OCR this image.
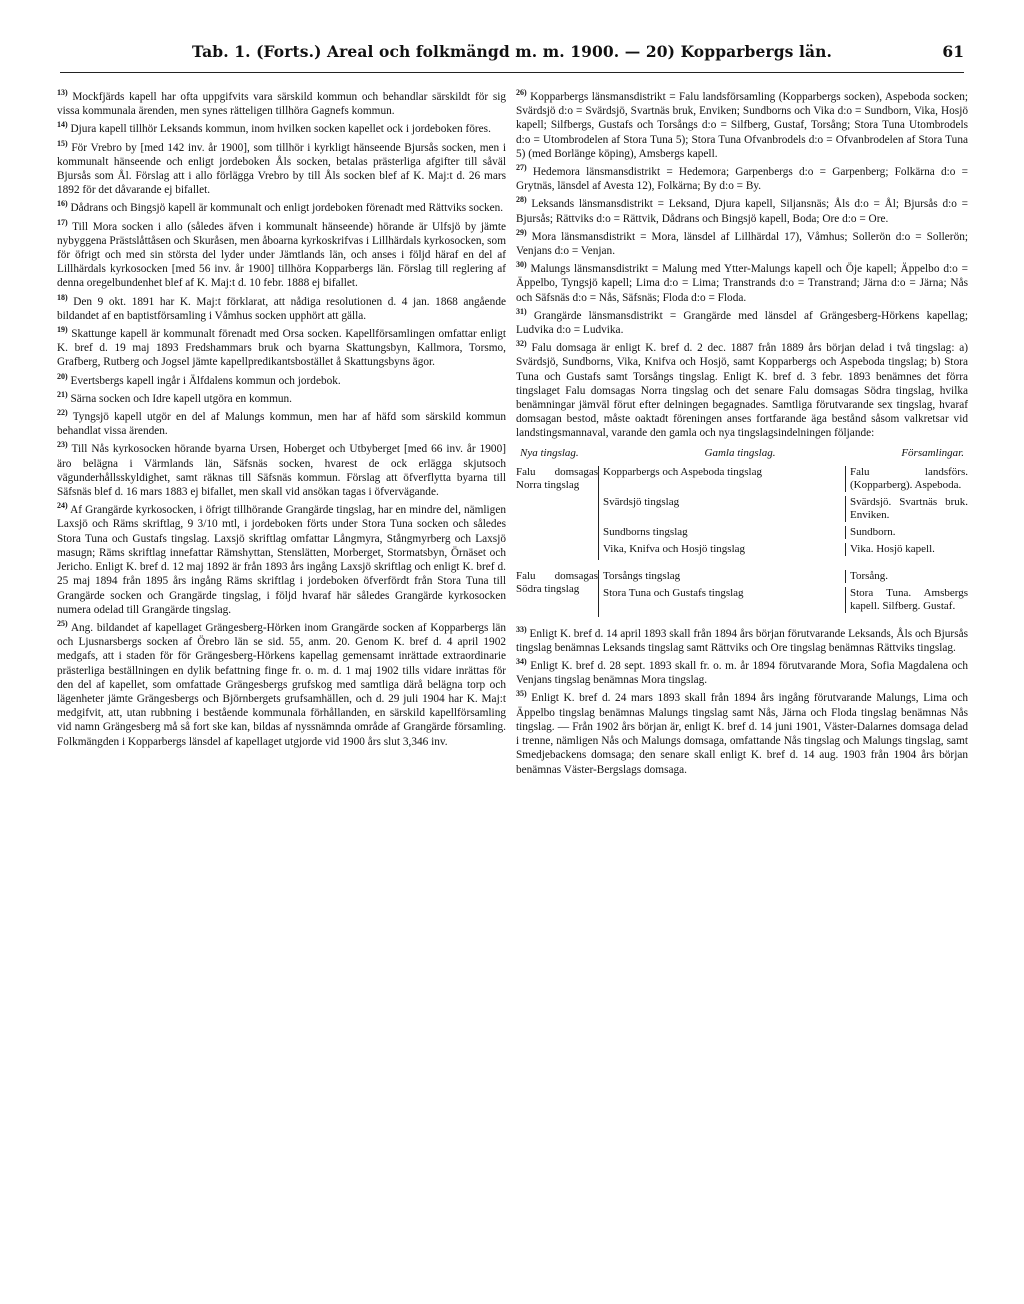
Tab. 1. (Forts.) Areal och folkmängd m. m. 1900. — 20) Kopparbergs län.	61

$^{13)}$ Mockfjärds kapell har ofta uppgifvits vara särskild kommun och behandlar särskildt för sig vissa kommunala ärenden, men synes rätteligen tillhöra Gagnefs kommun.

$^{14)}$ Djura kapell tillhör Leksands kommun, inom hvilken socken kapellet ock i jordeboken föres.

$^{15)}$ För Vrebro by [med 142 inv. år 1900], som tillhör i kyrkligt hänseende Bjursås socken, men i kommunalt hänseende och enligt jordeboken Åls socken, betalas prästerliga afgifter till såväl Bjursås som Ål. Förslag att i allo förlägga Vrebro by till Åls socken blef af K. Maj:t d. 26 mars 1892 för det dåvarande ej bifallet.

$^{16)}$ Dådrans och Bingsjö kapell är kommunalt och enligt jordeboken förenadt med Rättviks socken.

$^{17)}$ Till Mora socken i allo (således äfven i kommunalt hänseende) hörande är Ulfsjö by jämte nybyggena Prästslåttåsen och Skuråsen, men åboarna kyrkoskrifvas i Lillhärdals kyrkosocken, som för öfrigt och med sin största del lyder under Jämtlands län, och anses i följd häraf en del af Lillhärdals kyrkosocken [med 56 inv. år 1900] tillhöra Kopparbergs län. Förslag till reglering af denna oregelbundenhet blef af K. Maj:t d. 10 febr. 1888 ej bifallet.

$^{18)}$ Den 9 okt. 1891 har K. Maj:t förklarat, att nådiga resolutionen d. 4 jan. 1868 angående bildandet af en baptistförsamling i Våmhus socken upphört att gälla.

$^{19)}$ Skattunge kapell är kommunalt förenadt med Orsa socken. Kapellförsamlingen omfattar enligt K. bref d. 19 maj 1893 Fredshammars bruk och byarna Skattungsbyn, Kallmora, Torsmo, Grafberg, Rutberg och Jogsel jämte kapellpredikantsbostället å Skattungsbyns ägor.

$^{20)}$ Evertsbergs kapell ingår i Älfdalens kommun och jordebok.

$^{21)}$ Särna socken och Idre kapell utgöra en kommun.

$^{22)}$ Tyngsjö kapell utgör en del af Malungs kommun, men har af häfd som särskild kommun behandlat vissa ärenden.

$^{23)}$ Till Nås kyrkosocken hörande byarna Ursen, Hoberget och Utbyberget [med 66 inv. år 1900] äro belägna i Värmlands län, Säfsnäs socken, hvarest de ock erlägga skjutsoch vägunderhållsskyldighet, samt räknas till Säfsnäs kommun. Förslag att öfverflytta byarna till Säfsnäs blef d. 16 mars 1883 ej bifallet, men skall vid ansökan tagas i öfvervägande.

$^{24)}$ Af Grangärde kyrkosocken, i öfrigt tillhörande Grangärde tingslag, har en mindre del, nämligen Laxsjö och Räms skriftlag, 9 3/10 mtl, i jordeboken förts under Stora Tuna socken och således Stora Tuna och Gustafs tingslag. Laxsjö skriftlag omfattar Långmyra, Stångmyrberg och Laxsjö masugn; Räms skriftlag innefattar Rämshyttan, Stenslätten, Morberget, Stormatsbyn, Örnäset och Jericho. Enligt K. bref d. 12 maj 1892 är från 1893 års ingång Laxsjö skriftlag och enligt K. bref d. 25 maj 1894 från 1895 års ingång Räms skriftlag i jordeboken öfverfördt från Stora Tuna till Grangärde socken och Grangärde tingslag, i följd hvaraf här således Grangärde kyrkosocken numera odelad till Grangärde tingslag.

$^{25)}$ Ang. bildandet af kapellaget Grängesberg-Hörken inom Grangärde socken af Kopparbergs län och Ljusnarsbergs socken af Örebro län se sid. 55, anm. 20. Genom K. bref d. 4 april 1902 medgafs, att i staden för för Grängesberg-Hörkens kapellag gemensamt inrättade extraordinarie prästerliga beställningen en dylik befattning finge fr. o. m. d. 1 maj 1902 tills vidare inrättas för den del af kapellet, som omfattade Grängesbergs grufskog med samtliga därå belägna torp och lägenheter jämte Grängesbergs och Björnbergets grufsamhällen, och d. 29 juli 1904 har K. Maj:t medgifvit, att, utan rubbning i bestående kommunala förhållanden, en särskild kapellförsamling vid namn Grängesberg må så fort ske kan, bildas af nyssnämnda område af Grangärde församling. Folkmängden i Kopparbergs länsdel af kapellaget utgjorde vid 1900 års slut 3,346 inv.

$^{26)}$ Kopparbergs länsmansdistrikt = Falu landsförsamling (Kopparbergs socken), Aspeboda socken; Svärdsjö d:o = Svärdsjö, Svartnäs bruk, Enviken; Sundborns och Vika d:o = Sundborn, Vika, Hosjö kapell; Silfbergs, Gustafs och Torsångs d:o = Silfberg, Gustaf, Torsång; Stora Tuna Utombrodels d:o = Utombrodelen af Stora Tuna 5); Stora Tuna Ofvanbrodels d:o = Ofvanbrodelen af Stora Tuna 5) (med Borlänge köping), Amsbergs kapell.

$^{27)}$ Hedemora länsmansdistrikt = Hedemora; Garpenbergs d:o = Garpenberg; Folkärna d:o = Grytnäs, länsdel af Avesta 12), Folkärna; By d:o = By.

$^{28)}$ Leksands länsmansdistrikt = Leksand, Djura kapell, Siljansnäs; Åls d:o = Ål; Bjursås d:o = Bjursås; Rättviks d:o = Rättvik, Dådrans och Bingsjö kapell, Boda; Ore d:o = Ore.

$^{29)}$ Mora länsmansdistrikt = Mora, länsdel af Lillhärdal 17), Våmhus; Sollerön d:o = Sollerön; Venjans d:o = Venjan.

$^{30)}$ Malungs länsmansdistrikt = Malung med Ytter-Malungs kapell och Öje kapell; Äppelbo d:o = Äppelbo, Tyngsjö kapell; Lima d:o = Lima; Transtrands d:o = Transtrand; Järna d:o = Järna; Nås och Säfsnäs d:o = Nås, Säfsnäs; Floda d:o = Floda.

$^{31)}$ Grangärde länsmansdistrikt = Grangärde med länsdel af Grängesberg-Hörkens kapellag; Ludvika d:o = Ludvika.

$^{32)}$ Falu domsaga är enligt K. bref d. 2 dec. 1887 från 1889 års början delad i två tingslag: a) Svärdsjö, Sundborns, Vika, Knifva och Hosjö, samt Kopparbergs och Aspeboda tingslag; b) Stora Tuna och Gustafs samt Torsångs tingslag. Enligt K. bref d. 3 febr. 1893 benämnes det förra tingslaget Falu domsagas Norra tingslag och det senare Falu domsagas Södra tingslag, hvilka benämningar jämväl förut efter delningen begagnades. Samtliga förutvarande sex tingslag, hvaraf domsagan bestod, måste oaktadt föreningen anses fortfarande äga bestånd såsom valkretsar vid landstingsmannaval, varande den gamla och nya tingslagsindelningen följande:

Nya tingslag.	Gamla tingslag.	Församlingar.
Falu domsagas Norra tingslag
Kopparbergs och Aspeboda tingslag	Falu landsförs. (Kopparberg). Aspeboda.
Svärdsjö tingslag	Svärdsjö. Svartnäs bruk. Enviken.
Sundborns tingslag	Sundborn.
Vika, Knifva och Hosjö tingslag	Vika. Hosjö kapell.
Falu domsagas Södra tingslag
Torsångs tingslag	Torsång.
Stora Tuna och Gustafs tingslag	Stora Tuna. Amsbergs kapell. Silfberg. Gustaf.

$^{33)}$ Enligt K. bref d. 14 april 1893 skall från 1894 års början förutvarande Leksands, Åls och Bjursås tingslag benämnas Leksands tingslag samt Rättviks och Ore tingslag benämnas Rättviks tingslag.

$^{34)}$ Enligt K. bref d. 28 sept. 1893 skall fr. o. m. år 1894 förutvarande Mora, Sofia Magdalena och Venjans tingslag benämnas Mora tingslag.

$^{35)}$ Enligt K. bref d. 24 mars 1893 skall från 1894 års ingång förutvarande Malungs, Lima och Äppelbo tingslag benämnas Malungs tingslag samt Nås, Järna och Floda tingslag benämnas Nås tingslag. — Från 1902 års början är, enligt K. bref d. 14 juni 1901, Väster-Dalarnes domsaga delad i trenne, nämligen Nås och Malungs domsaga, omfattande Nås tingslag och Malungs tingslag, samt Smedjebackens domsaga; den senare skall enligt K. bref d. 14 aug. 1903 från 1904 års början benämnas Väster-Bergslags domsaga.
